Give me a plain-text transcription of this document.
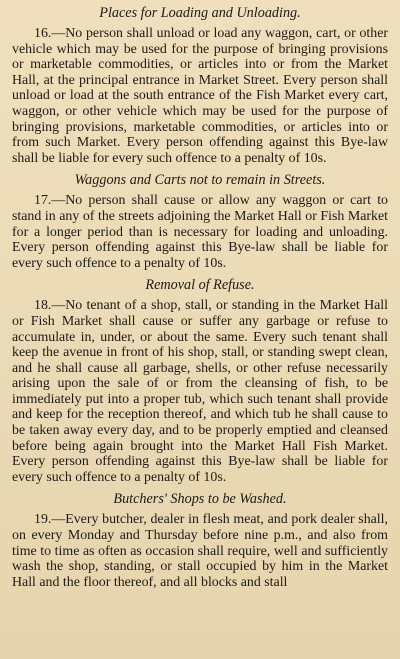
Places for Loading and Unloading.

16.—No person shall unload or load any waggon, cart, or other vehicle which may be used for the purpose of bringing provisions or marketable commodities, or articles into or from the Market Hall, at the principal entrance in Market Street. Every person shall unload or load at the south entrance of the Fish Market every cart, waggon, or other vehicle which may be used for the purpose of bringing provisions, marketable commodities, or articles into or from such Market. Every person offending against this Bye-law shall be liable for every such offence to a penalty of 10s.

Waggons and Carts not to remain in Streets.

17.—No person shall cause or allow any waggon or cart to stand in any of the streets adjoining the Market Hall or Fish Market for a longer period than is necessary for loading and unloading. Every person offending against this Bye-law shall be liable for every such offence to a penalty of 10s.

Removal of Refuse.

18.—No tenant of a shop, stall, or standing in the Market Hall or Fish Market shall cause or suffer any garbage or refuse to accumulate in, under, or about the same. Every such tenant shall keep the avenue in front of his shop, stall, or standing swept clean, and he shall cause all garbage, shells, or other refuse necessarily arising upon the sale of or from the cleansing of fish, to be immediately put into a proper tub, which such tenant shall provide and keep for the reception thereof, and which tub he shall cause to be taken away every day, and to be properly emptied and cleansed before being again brought into the Market Hall Fish Market. Every person offending against this Bye-law shall be liable for every such offence to a penalty of 10s.

Butchers' Shops to be Washed.

19.—Every butcher, dealer in flesh meat, and pork dealer shall, on every Monday and Thursday before nine p.m., and also from time to time as often as occasion shall require, well and sufficiently wash the shop, standing, or stall occupied by him in the Market Hall and the floor thereof, and all blocks and stall
